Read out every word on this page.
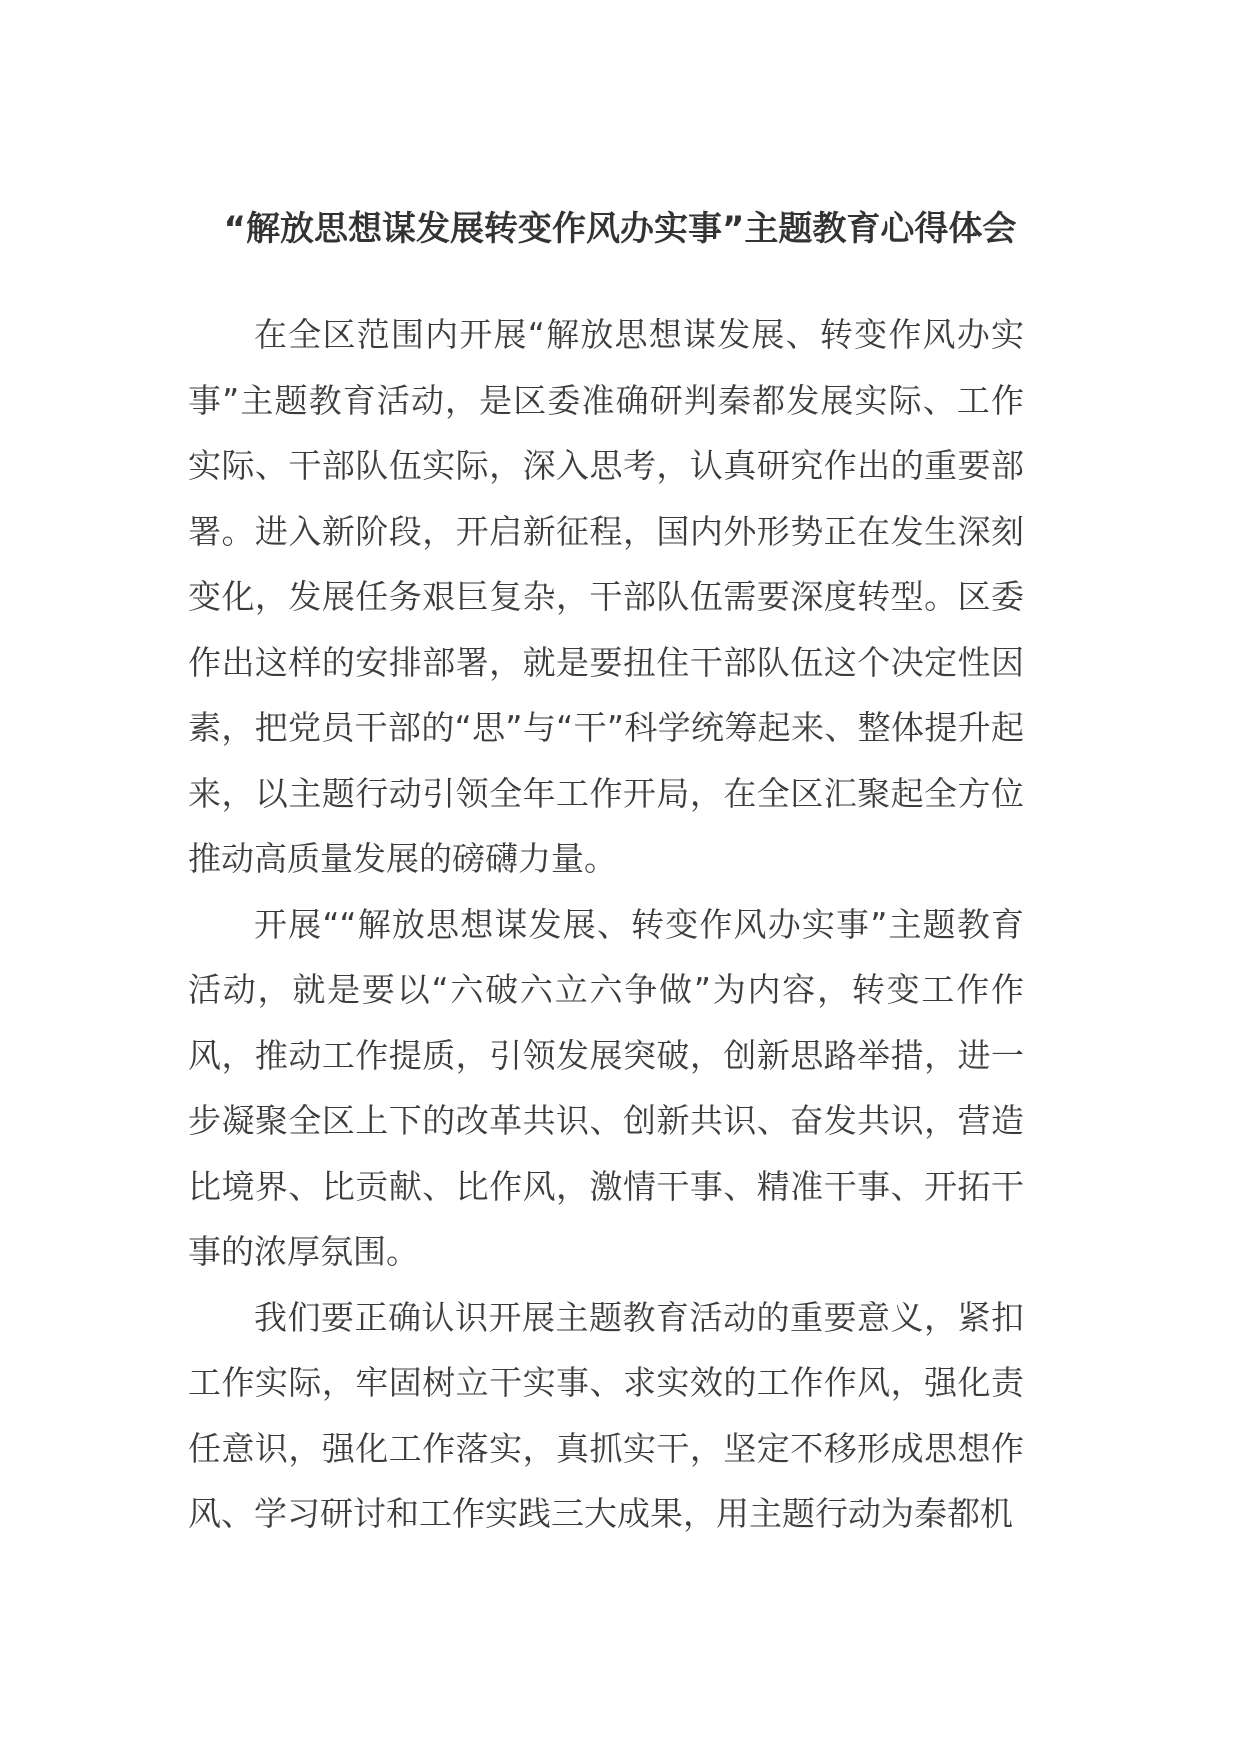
“解放思想谋发展转变作风办实事”主题教育心得体会

在全区范围内开展“解放思想谋发展、转变作风办实事”主题教育活动，是区委准确研判秦都发展实际、工作实际、干部队伍实际，深入思考，认真研究作出的重要部署。进入新阶段，开启新征程，国内外形势正在发生深刻变化，发展任务艰巨复杂，干部队伍需要深度转型。区委作出这样的安排部署，就是要扭住干部队伍这个决定性因素，把党员干部的“思”与“干”科学统筹起来、整体提升起来，以主题行动引领全年工作开局，在全区汇聚起全方位推动高质量发展的磅礴力量。

开展““解放思想谋发展、转变作风办实事”主题教育活动，就是要以“六破六立六争做”为内容，转变工作作风，推动工作提质，引领发展突破，创新思路举措，进一步凝聚全区上下的改革共识、创新共识、奋发共识，营造比境界、比贡献、比作风，激情干事、精准干事、开拓干事的浓厚氛围。

我们要正确认识开展主题教育活动的重要意义，紧扣工作实际，牢固树立干实事、求实效的工作作风，强化责任意识，强化工作落实，真抓实干，坚定不移形成思想作风、学习研讨和工作实践三大成果，用主题行动为秦都机
